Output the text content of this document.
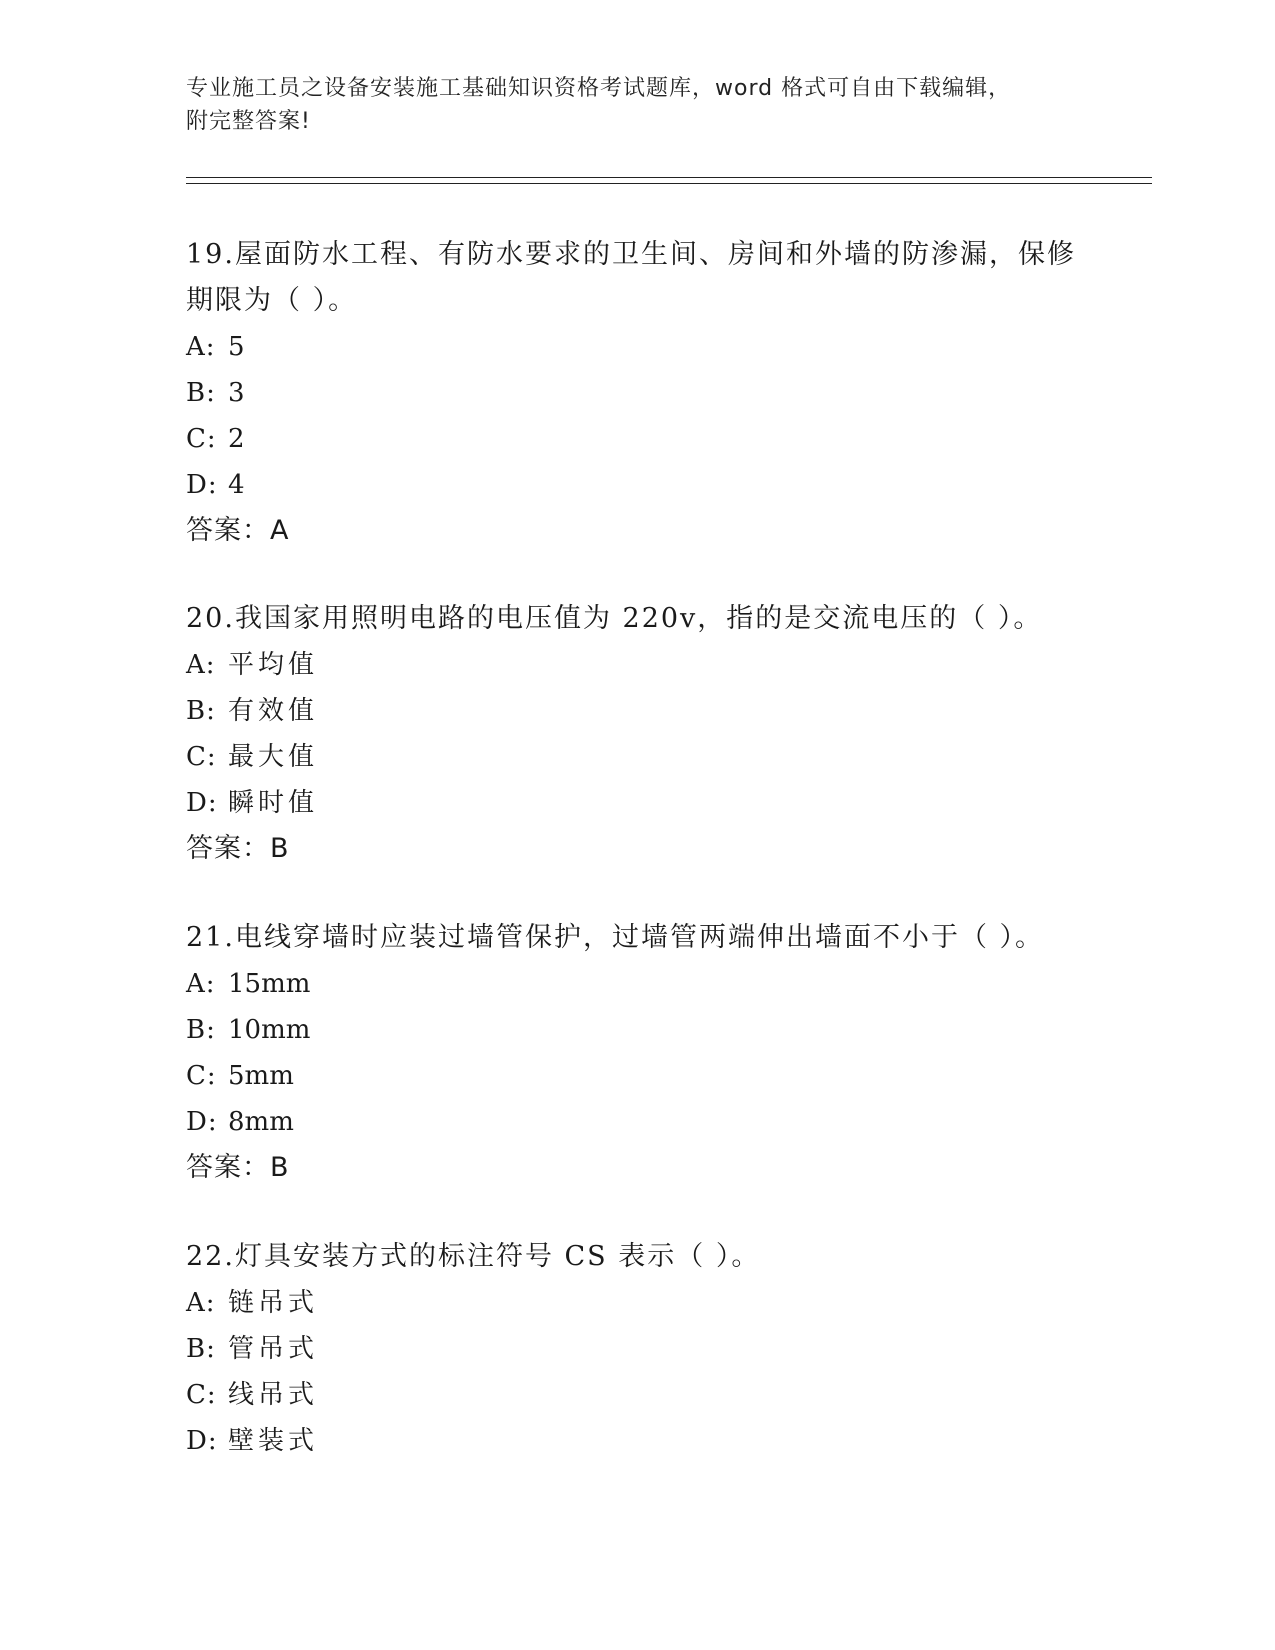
专业施工员之设备安装施工基础知识资格考试题库，word 格式可自由下载编辑，
附完整答案!

19.屋面防水工程、有防水要求的卫生间、房间和外墙的防渗漏，保修

期限为（ ）。

A: 5

B: 3

C: 2

D: 4

答案：A

20.我国家用照明电路的电压值为 220v，指的是交流电压的（ ）。

A: 平均值

B: 有效值

C: 最大值

D: 瞬时值

答案：B

21.电线穿墙时应装过墙管保护，过墙管两端伸出墙面不小于（ ）。

A: 15mm

B: 10mm

C: 5mm

D: 8mm

答案：B

22.灯具安装方式的标注符号 CS 表示（ ）。

A: 链吊式

B: 管吊式

C: 线吊式

D: 壁装式
